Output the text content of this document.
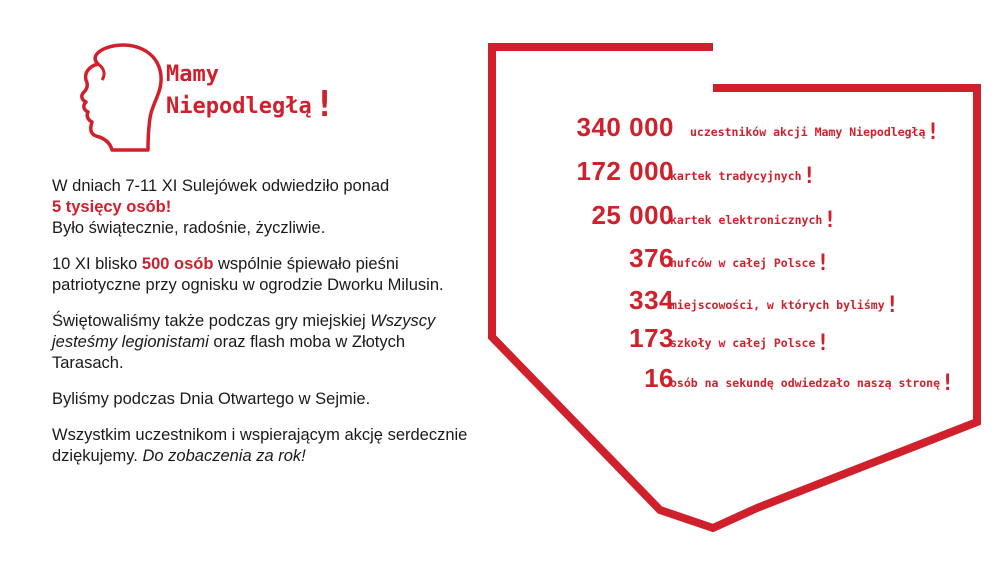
Mamy
Niepodległą!

W dniach 7-11 XI Sulejówek odwiedziło ponad
5 tysięcy osób!
Było świątecznie, radośnie, życzliwie.

10 XI blisko 500 osób wspólnie śpiewało pieśni patriotyczne przy ognisku w ogrodzie Dworku Milusin.

Świętowaliśmy także podczas gry miejskiej Wszyscy jesteśmy legionistami oraz flash moba w Złotych Tarasach.

Byliśmy podczas Dnia Otwartego w Sejmie.

Wszystkim uczestnikom i wspierającym akcję serdecznie dziękujemy. Do zobaczenia za rok!

340 000 uczestników akcji Mamy Niepodległą!
172 000
kartek tradycyjnych!
25 000
kartek elektronicznych!
376
hufców w całej Polsce!
334
miejscowości, w których byliśmy!
173
szkoły w całej Polsce!
16
osób na sekundę odwiedzało naszą stronę!
